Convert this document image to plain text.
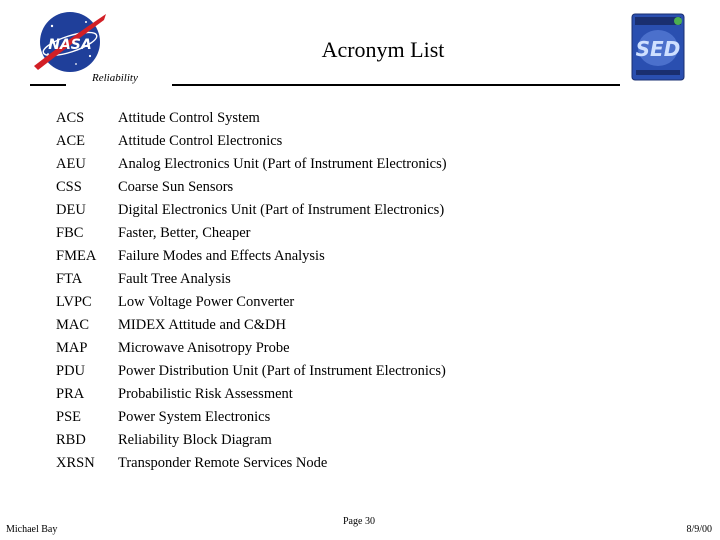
NASA	SED
Acronym List
Reliability
ACS	Attitude Control System
ACE	Attitude Control Electronics
AEU	Analog Electronics Unit (Part of Instrument Electronics)
CSS	Coarse Sun Sensors
DEU	Digital Electronics Unit (Part of Instrument Electronics)
FBC	Faster, Better, Cheaper
FMEA	Failure Modes and Effects Analysis
FTA	Fault Tree Analysis
LVPC	Low Voltage Power Converter
MAC	MIDEX Attitude and C&DH
MAP	Microwave Anisotropy Probe
PDU	Power Distribution Unit (Part of Instrument Electronics)
PRA	Probabilistic Risk Assessment
PSE	Power System Electronics
RBD	Reliability Block Diagram
XRSN	Transponder Remote Services Node
Michael Bay
Page 30
8/9/00
